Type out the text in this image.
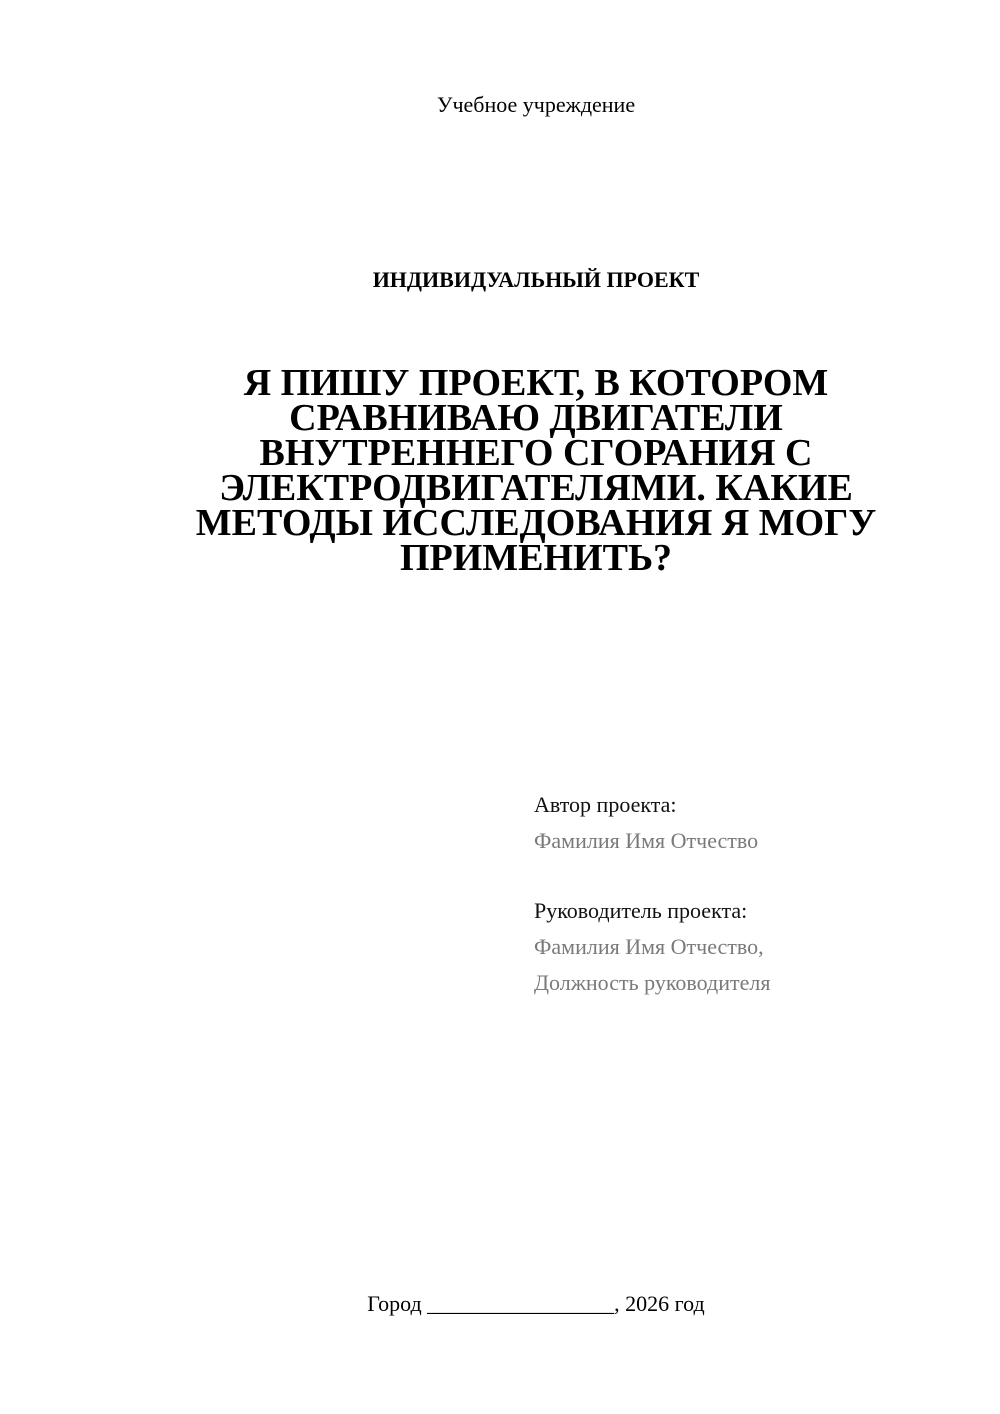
Учебное учреждение
ИНДИВИДУАЛЬНЫЙ ПРОЕКТ
Я ПИШУ ПРОЕКТ, В КОТОРОМ
СРАВНИВАЮ ДВИГАТЕЛИ
ВНУТРЕННЕГО СГОРАНИЯ С
ЭЛЕКТРОДВИГАТЕЛЯМИ. КАКИЕ
МЕТОДЫ ИССЛЕДОВАНИЯ Я МОГУ
ПРИМЕНИТЬ?
Автор проекта:
Фамилия Имя Отчество
Руководитель проекта:
Фамилия Имя Отчество,
Должность руководителя
Город _________________, 2026 год
